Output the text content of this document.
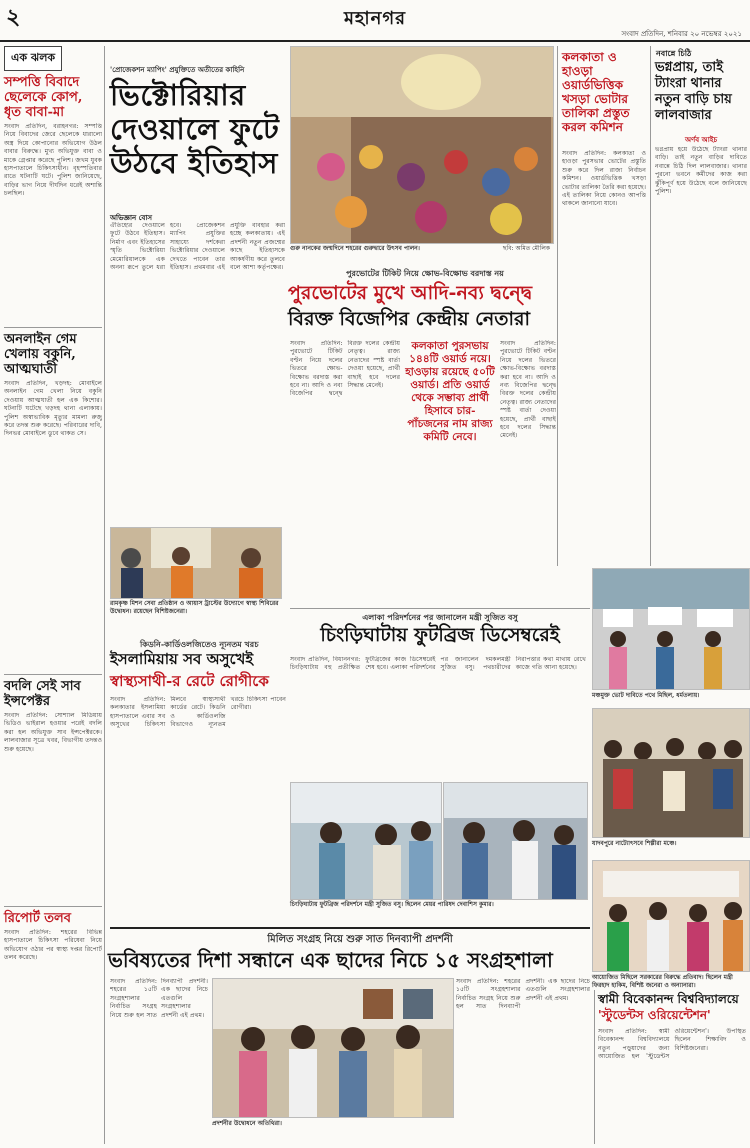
২	মহানগর
সংবাদ প্রতিদিন, শনিবার ২০ নভেম্বর ২০২১
এক ঝলক
সম্পত্তি বিবাদে ছেলেকে কোপ, ধৃত বাবা-মা

সংবাদ প্রতিদিন, বরাহনগর: সম্পত্তি নিয়ে বিবাদের জেরে ছেলেকে ধারালো অস্ত্র দিয়ে কোপানোর অভিযোগ উঠল বাবার বিরুদ্ধে। মুখ্য অভিযুক্ত বাবা ও মাকে গ্রেপ্তার করেছে পুলিশ। জখম যুবক হাসপাতালে চিকিৎসাধীন। বৃহস্পতিবার রাতে ঘটনাটি ঘটে। পুলিশ জানিয়েছে, বাড়ির ভাগ নিয়ে দীর্ঘদিন ধরেই অশান্তি চলছিল।

অনলাইন গেম খেলায় বকুনি, আত্মঘাতী

সংবাদ প্রতিদিন, খড়দহ: মোবাইলে অনলাইন গেম খেলা নিয়ে বকুনি দেওয়ায় আত্মঘাতী হল এক কিশোর। ঘটনাটি ঘটেছে খড়দহ থানা এলাকায়। পুলিশ অস্বাভাবিক মৃত্যুর মামলা রুজু করে তদন্ত শুরু করেছে। পরিবারের দাবি, দিনভর মোবাইলে ডুবে থাকত সে।

বদলি সেই সাব ইন্সপেক্টর

সংবাদ প্রতিদিন: সোশ্যাল মিডিয়ায় ভিডিও ভাইরাল হওয়ার পরেই বদলি করা হল অভিযুক্ত সাব ইন্সপেক্টরকে। লালবাজার সূত্রে খবর, বিভাগীয় তদন্তও শুরু হয়েছে।

রিপোর্ট তলব

সংবাদ প্রতিদিন: শহরের বিভিন্ন হাসপাতালে চিকিৎসা পরিষেবা নিয়ে অভিযোগ ওঠার পর স্বাস্থ্য দপ্তর রিপোর্ট তলব করেছে।

'প্রোজেকশন ম্যাপিং' প্রযুক্তিতে অতীতের কাহিনি
ভিক্টোরিয়ার দেওয়ালে ফুটে উঠবে ইতিহাস
অভিজ্ঞান বোস

ঐতিহ্যের দেওয়ালে ফুটে উঠবে ইতিহাস। নির্মাণ এবং ইতিহাসের স্মৃতি ভিক্টোরিয়া মেমোরিয়ালকে এক অনন্য রূপে তুলে ধরা হবে। প্রোজেকশন ম্যাপিং প্রযুক্তির সাহায্যে দর্শকেরা ভিক্টোরিয়ার দেওয়ালে দেখতে পাবেন তার ইতিহাস। প্রথমবার এই প্রযুক্তি ব্যবহার করা হচ্ছে কলকাতায়। এই প্রদর্শনী নতুন প্রজন্মের কাছে ইতিহাসকে আকর্ষণীয় করে তুলবে বলে আশা কর্তৃপক্ষের।

গুরু নানকের জন্মদিনে শহরের গুরুদ্বারে উৎসব পালন।	ছবি: অমিত মৌলিক
পুরভোটের টিকিট নিয়ে ক্ষোভ-বিক্ষোভ বরদাস্ত নয়
পুরভোটের মুখে আদি-নব্য দ্বন্দ্বে
বিরক্ত বিজেপির কেন্দ্রীয় নেতারা

সংবাদ প্রতিদিন: পুরভোটে টিকিট বণ্টন নিয়ে দলের ভিতরে ক্ষোভ-বিক্ষোভ বরদাস্ত করা হবে না। আদি ও নব্য বিজেপির দ্বন্দ্বে বিরক্ত দলের কেন্দ্রীয় নেতৃত্ব। রাজ্য নেতাদের স্পষ্ট বার্তা দেওয়া হয়েছে, প্রার্থী বাছাই হবে দলের সিদ্ধান্ত মেনেই।

কলকাতা পুরসভায় ১৪৪টি ওয়ার্ড নয়ে। হাওড়ায় রয়েছে ৫০টি ওয়ার্ড। প্রতি ওয়ার্ড থেকে সম্ভাব্য প্রার্থী হিসাবে চার-পাঁচজনের নাম রাজ্য কমিটি নেবে।

সংবাদ প্রতিদিন: পুরভোটে টিকিট বণ্টন নিয়ে দলের ভিতরে ক্ষোভ-বিক্ষোভ বরদাস্ত করা হবে না। আদি ও নব্য বিজেপির দ্বন্দ্বে বিরক্ত দলের কেন্দ্রীয় নেতৃত্ব। রাজ্য নেতাদের স্পষ্ট বার্তা দেওয়া হয়েছে, প্রার্থী বাছাই হবে দলের সিদ্ধান্ত মেনেই।

কলকাতা ও হাওড়া ওয়ার্ডভিত্তিক খসড়া ভোটার তালিকা প্রস্তুত করল কমিশন

সংবাদ প্রতিদিন: কলকাতা ও হাওড়া পুরসভার ভোটের প্রস্তুতি শুরু করে দিল রাজ্য নির্বাচন কমিশন। ওয়ার্ডভিত্তিক খসড়া ভোটার তালিকা তৈরি করা হয়েছে। এই তালিকা নিয়ে কোনও আপত্তি থাকলে জানানো যাবে।

নবান্নে চিঠি
ভগ্নপ্রায়, তাই ট্যাংরা থানার নতুন বাড়ি চায় লালবাজার
অর্ণব আইচ

ভগ্নপ্রায় হয়ে উঠেছে ট্যাংরা থানার বাড়ি। তাই নতুন বাড়ির দাবিতে নবান্নে চিঠি দিল লালবাজার। থানার পুরনো ভবনে কর্মীদের কাজ করা ঝুঁকিপূর্ণ হয়ে উঠেছে বলে জানিয়েছে পুলিশ।

রামকৃষ্ণ মিশন সেবা প্রতিষ্ঠান ও আয়াস ট্রাস্টের উদ্যোগে স্বাস্থ্য শিবিরের উদ্বোধন। রয়েছেন বিশিষ্টজনেরা।
কিডনি-কার্ডিওলজিতেও ন্যূনতম খরচ
ইসলামিয়ায় সব অসুখেই
স্বাস্থ্যসাথী-র রেটে রোগীকে

সংবাদ প্রতিদিন: কলকাতার ইসলামিয়া হাসপাতালে এবার সব অসুখের চিকিৎসা মিলবে স্বাস্থ্যসাথী কার্ডের রেটে। কিডনি ও কার্ডিওলজি বিভাগেও ন্যূনতম খরচে চিকিৎসা পাবেন রোগীরা।

এলাকা পরিদর্শনের পর জানালেন মন্ত্রী সুজিত বসু
চিংড়িঘাটায় ফুটব্রিজ ডিসেম্বরেই

সংবাদ প্রতিদিন, বিধাননগর: চিংড়িঘাটায় বহু প্রতীক্ষিত ফুটব্রিজের কাজ ডিসেম্বরেই শেষ হবে। এলাকা পরিদর্শনের পর জানালেন দমকলমন্ত্রী সুজিত বসু। পথচারীদের নিরাপত্তার কথা মাথায় রেখে কাজে গতি আনা হয়েছে।

চিংড়িঘাটায় ফুটব্রিজ পরিদর্শনে মন্ত্রী সুজিত বসু। ছিলেন মেয়র পারিষদ দেবাশিস কুমার।
মঞ্চমুক্ত ভোট দাবিতে পথে মিছিল, ধর্মতলায়।
যাদবপুরে নাট্যোৎসবে শিল্পীরা মঞ্চে।
আয়োজিত মিছিলে সরকারের বিরুদ্ধে প্রতিবাদ। ছিলেন মন্ত্রী ফিরহাদ হাকিম, বিশিষ্ট জনেরা ও অন্যান্যরা।
মিলিত সংগ্রহ নিয়ে শুরু সাত দিনব্যাপী প্রদর্শনী
ভবিষ্যতের দিশা সন্ধানে এক ছাদের নিচে ১৫ সংগ্রহশালা

সংবাদ প্রতিদিন: শহরের ১৫টি সংগ্রহশালার নির্বাচিত সংগ্রহ নিয়ে শুরু হল সাত দিনব্যাপী প্রদর্শনী। এক ছাদের নিচে এতগুলি সংগ্রহশালার প্রদর্শনী এই প্রথম।

প্রদর্শনীর উদ্বোধনে অতিথিরা।

সংবাদ প্রতিদিন: শহরের ১৫টি সংগ্রহশালার নির্বাচিত সংগ্রহ নিয়ে শুরু হল সাত দিনব্যাপী প্রদর্শনী। এক ছাদের নিচে এতগুলি সংগ্রহশালার প্রদর্শনী এই প্রথম।	স্বামী বিবেকানন্দ বিশ্ববিদ্যালয়ে
'স্টুডেন্টস ওরিয়েন্টেশন'

সংবাদ প্রতিদিন: স্বামী বিবেকানন্দ বিশ্ববিদ্যালয়ে নতুন পড়ুয়াদের জন্য আয়োজিত হল 'স্টুডেন্টস ওরিয়েন্টেশন'। উপস্থিত ছিলেন শিক্ষাবিদ ও বিশিষ্টজনেরা।
